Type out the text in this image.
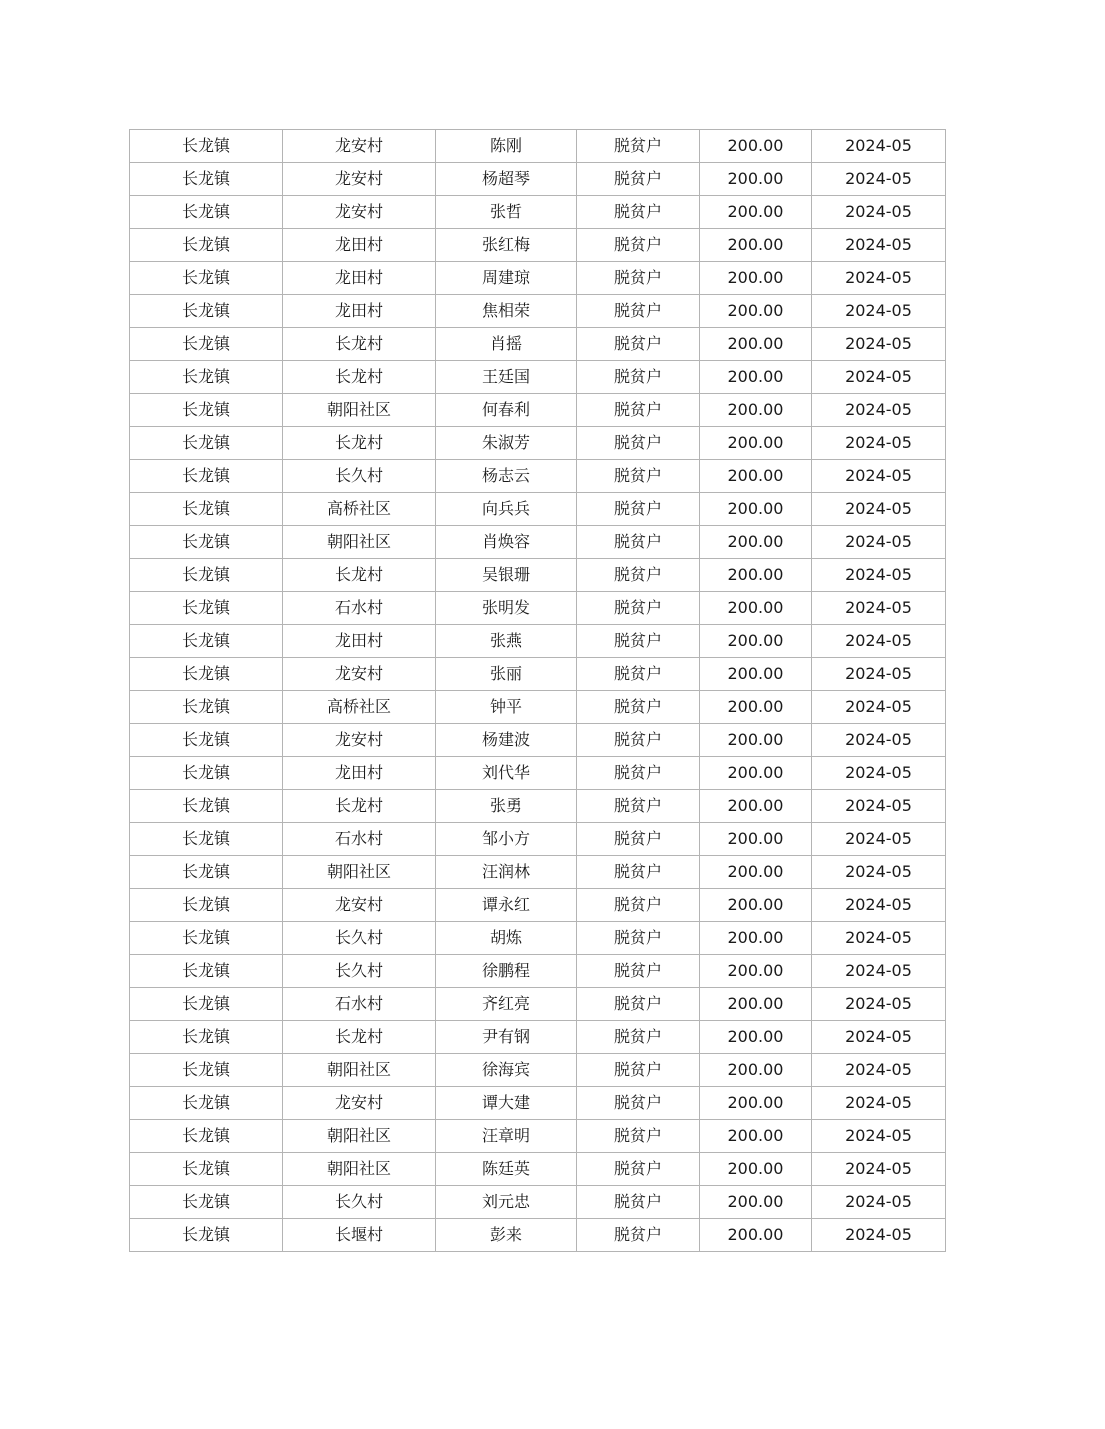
长龙镇	龙安村	陈刚	脱贫户	200.00	2024-05
长龙镇	龙安村	杨超琴	脱贫户	200.00	2024-05
长龙镇	龙安村	张哲	脱贫户	200.00	2024-05
长龙镇	龙田村	张红梅	脱贫户	200.00	2024-05
长龙镇	龙田村	周建琼	脱贫户	200.00	2024-05
长龙镇	龙田村	焦相荣	脱贫户	200.00	2024-05
长龙镇	长龙村	肖摇	脱贫户	200.00	2024-05
长龙镇	长龙村	王廷国	脱贫户	200.00	2024-05
长龙镇	朝阳社区	何春利	脱贫户	200.00	2024-05
长龙镇	长龙村	朱淑芳	脱贫户	200.00	2024-05
长龙镇	长久村	杨志云	脱贫户	200.00	2024-05
长龙镇	高桥社区	向兵兵	脱贫户	200.00	2024-05
长龙镇	朝阳社区	肖焕容	脱贫户	200.00	2024-05
长龙镇	长龙村	吴银珊	脱贫户	200.00	2024-05
长龙镇	石水村	张明发	脱贫户	200.00	2024-05
长龙镇	龙田村	张燕	脱贫户	200.00	2024-05
长龙镇	龙安村	张丽	脱贫户	200.00	2024-05
长龙镇	高桥社区	钟平	脱贫户	200.00	2024-05
长龙镇	龙安村	杨建波	脱贫户	200.00	2024-05
长龙镇	龙田村	刘代华	脱贫户	200.00	2024-05
长龙镇	长龙村	张勇	脱贫户	200.00	2024-05
长龙镇	石水村	邹小方	脱贫户	200.00	2024-05
长龙镇	朝阳社区	汪润林	脱贫户	200.00	2024-05
长龙镇	龙安村	谭永红	脱贫户	200.00	2024-05
长龙镇	长久村	胡炼	脱贫户	200.00	2024-05
长龙镇	长久村	徐鹏程	脱贫户	200.00	2024-05
长龙镇	石水村	齐红亮	脱贫户	200.00	2024-05
长龙镇	长龙村	尹有钢	脱贫户	200.00	2024-05
长龙镇	朝阳社区	徐海宾	脱贫户	200.00	2024-05
长龙镇	龙安村	谭大建	脱贫户	200.00	2024-05
长龙镇	朝阳社区	汪章明	脱贫户	200.00	2024-05
长龙镇	朝阳社区	陈廷英	脱贫户	200.00	2024-05
长龙镇	长久村	刘元忠	脱贫户	200.00	2024-05
长龙镇	长堰村	彭来	脱贫户	200.00	2024-05
